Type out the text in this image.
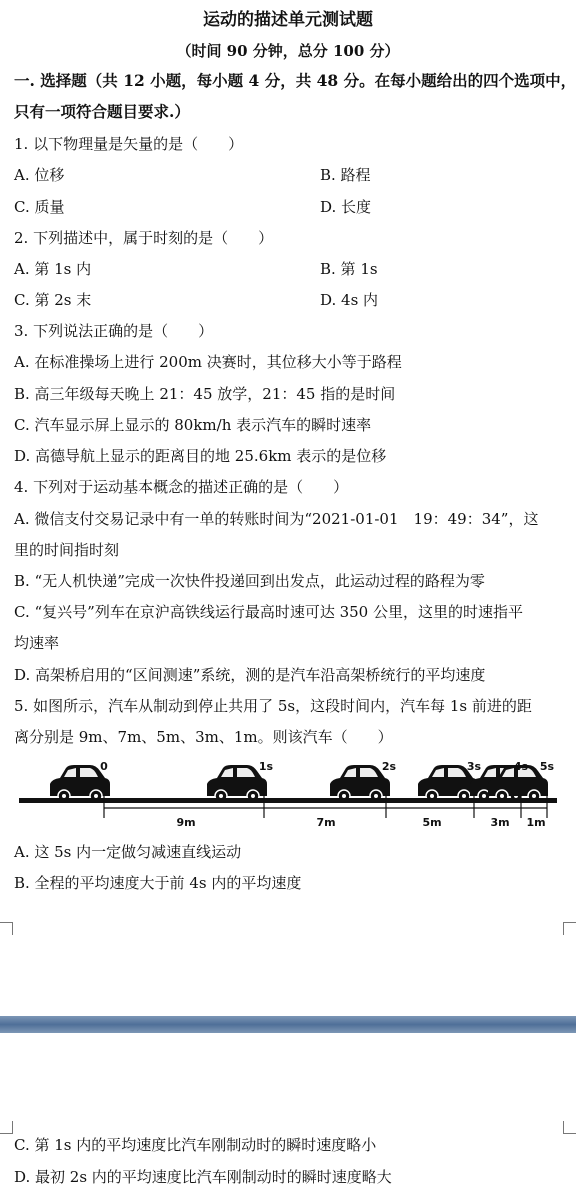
运动的描述单元测试题
（时间 90 分钟，总分 100 分）
一. 选择题（共 12 小题，每小题 4 分，共 48 分。在每小题给出的四个选项中，
只有一项符合题目要求.）
1. 以下物理量是矢量的是（　　）
A. 位移	B. 路程
C. 质量	D. 长度
2. 下列描述中，属于时刻的是（　　）
A. 第 1s 内	B. 第 1s
C. 第 2s 末	D. 4s 内
3. 下列说法正确的是（　　）
A. 在标准操场上进行 200m 决赛时，其位移大小等于路程
B. 高三年级每天晚上 21：45 放学，21：45 指的是时间
C. 汽车显示屏上显示的 80km/h 表示汽车的瞬时速率
D. 高德导航上显示的距离目的地 25.6km 表示的是位移
4. 下列对于运动基本概念的描述正确的是（　　）
A. 微信支付交易记录中有一单的转账时间为“2021-01-01　19：49：34”，这
里的时间指时刻
B. “无人机快递”完成一次快件投递回到出发点，此运动过程的路程为零
C. “复兴号”列车在京沪高铁线运行最高时速可达 350 公里，这里的时速指平
均速率
D. 高架桥启用的“区间测速”系统，测的是汽车沿高架桥统行的平均速度
5. 如图所示，汽车从制动到停止共用了 5s，这段时间内，汽车每 1s 前进的距
离分别是 9m、7m、5m、3m、1m。则该汽车（　　）
0	1s	2s	3s	4s 5s
9m	7m	5m	3m 1m
A. 这 5s 内一定做匀减速直线运动
B. 全程的平均速度大于前 4s 内的平均速度
C. 第 1s 内的平均速度比汽车刚制动时的瞬时速度略小
D. 最初 2s 内的平均速度比汽车刚制动时的瞬时速度略大
